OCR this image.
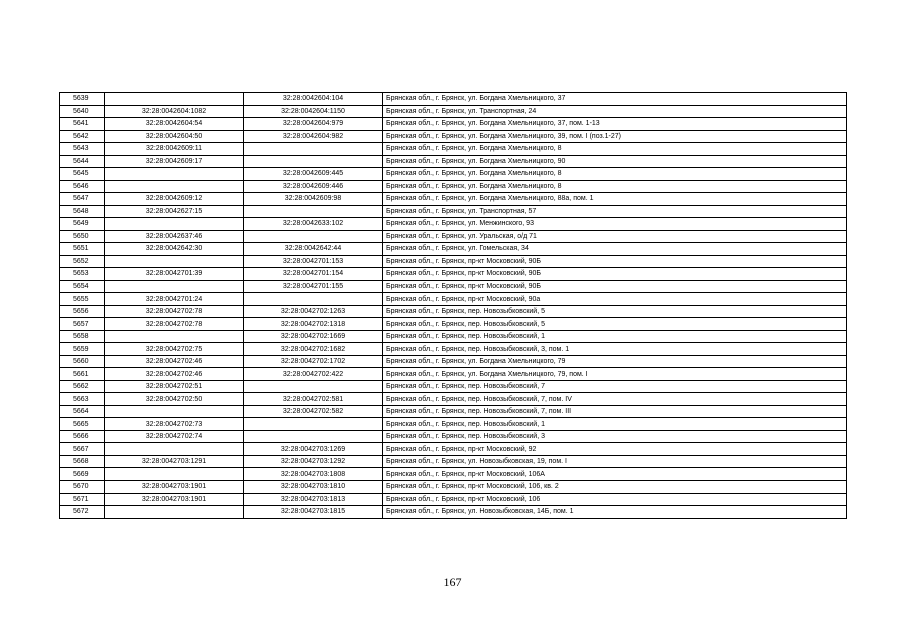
5639		32:28:0042604:104	Брянская обл., г. Брянск, ул. Богдана Хмельницкого, 37
5640	32:28:0042604:1082	32:28:0042604:1150	Брянская обл., г. Брянск, ул. Транспортная, 24
5641	32:28:0042604:54	32:28:0042604:979	Брянская обл., г. Брянск, ул. Богдана Хмельницкого, 37, пом. 1-13
5642	32:28:0042604:50	32:28:0042604:982	Брянская обл., г. Брянск, ул. Богдана Хмельницкого, 39, пом. I (поз.1-27)
5643	32:28:0042609:11		Брянская обл., г. Брянск, ул. Богдана Хмельницкого, 8
5644	32:28:0042609:17		Брянская обл., г. Брянск, ул. Богдана Хмельницкого, 90
5645		32:28:0042609:445	Брянская обл., г. Брянск, ул. Богдана Хмельницкого, 8
5646		32:28:0042609:446	Брянская обл., г. Брянск, ул. Богдана Хмельницкого, 8
5647	32:28:0042609:12	32:28:0042609:98	Брянская обл., г. Брянск, ул. Богдана Хмельницкого, 88а, пом. 1
5648	32:28:0042627:15		Брянская обл., г. Брянск, ул. Транспортная, 57
5649		32:28:0042633:102	Брянская обл., г. Брянск, ул. Менжинского, 93
5650	32:28:0042637:46		Брянская обл., г. Брянск, ул. Уральская, о/д 71
5651	32:28:0042642:30	32:28:0042642:44	Брянская обл., г. Брянск, ул. Гомельская, 34
5652		32:28:0042701:153	Брянская обл., г. Брянск, пр-кт Московский, 90Б
5653	32:28:0042701:39	32:28:0042701:154	Брянская обл., г. Брянск, пр-кт Московский, 90Б
5654		32:28:0042701:155	Брянская обл., г. Брянск, пр-кт Московский, 90Б
5655	32:28:0042701:24		Брянская обл., г. Брянск, пр-кт Московский, 90а
5656	32:28:0042702:78	32:28:0042702:1263	Брянская обл., г. Брянск, пер. Новозыбковский, 5
5657	32:28:0042702:78	32:28:0042702:1318	Брянская обл., г. Брянск, пер. Новозыбковский, 5
5658		32:28:0042702:1669	Брянская обл., г. Брянск, пер. Новозыбковский, 1
5659	32:28:0042702:75	32:28:0042702:1682	Брянская обл., г. Брянск, пер. Новозыбковский, 3, пом. 1
5660	32:28:0042702:46	32:28:0042702:1702	Брянская обл., г. Брянск, ул. Богдана Хмельницкого, 79
5661	32:28:0042702:46	32:28:0042702:422	Брянская обл., г. Брянск, ул. Богдана Хмельницкого, 79, пом. I
5662	32:28:0042702:51		Брянская обл., г. Брянск, пер. Новозыбковский, 7
5663	32:28:0042702:50	32:28:0042702:581	Брянская обл., г. Брянск, пер. Новозыбковский, 7, пом. IV
5664		32:28:0042702:582	Брянская обл., г. Брянск, пер. Новозыбковский, 7, пом. III
5665	32:28:0042702:73		Брянская обл., г. Брянск, пер. Новозыбковский, 1
5666	32:28:0042702:74		Брянская обл., г. Брянск, пер. Новозыбковский, 3
5667		32:28:0042703:1269	Брянская обл., г. Брянск, пр-кт Московский, 92
5668	32:28:0042703:1291	32:28:0042703:1292	Брянская обл., г. Брянск, ул. Новозыбковская, 19, пом. I
5669		32:28:0042703:1808	Брянская обл., г. Брянск, пр-кт Московский, 106А
5670	32:28:0042703:1901	32:28:0042703:1810	Брянская обл., г. Брянск, пр-кт Московский, 106, кв. 2
5671	32:28:0042703:1901	32:28:0042703:1813	Брянская обл., г. Брянск, пр-кт Московский, 106
5672		32:28:0042703:1815	Брянская обл., г. Брянск, ул. Новозыбковская, 14Б, пом. 1
167
